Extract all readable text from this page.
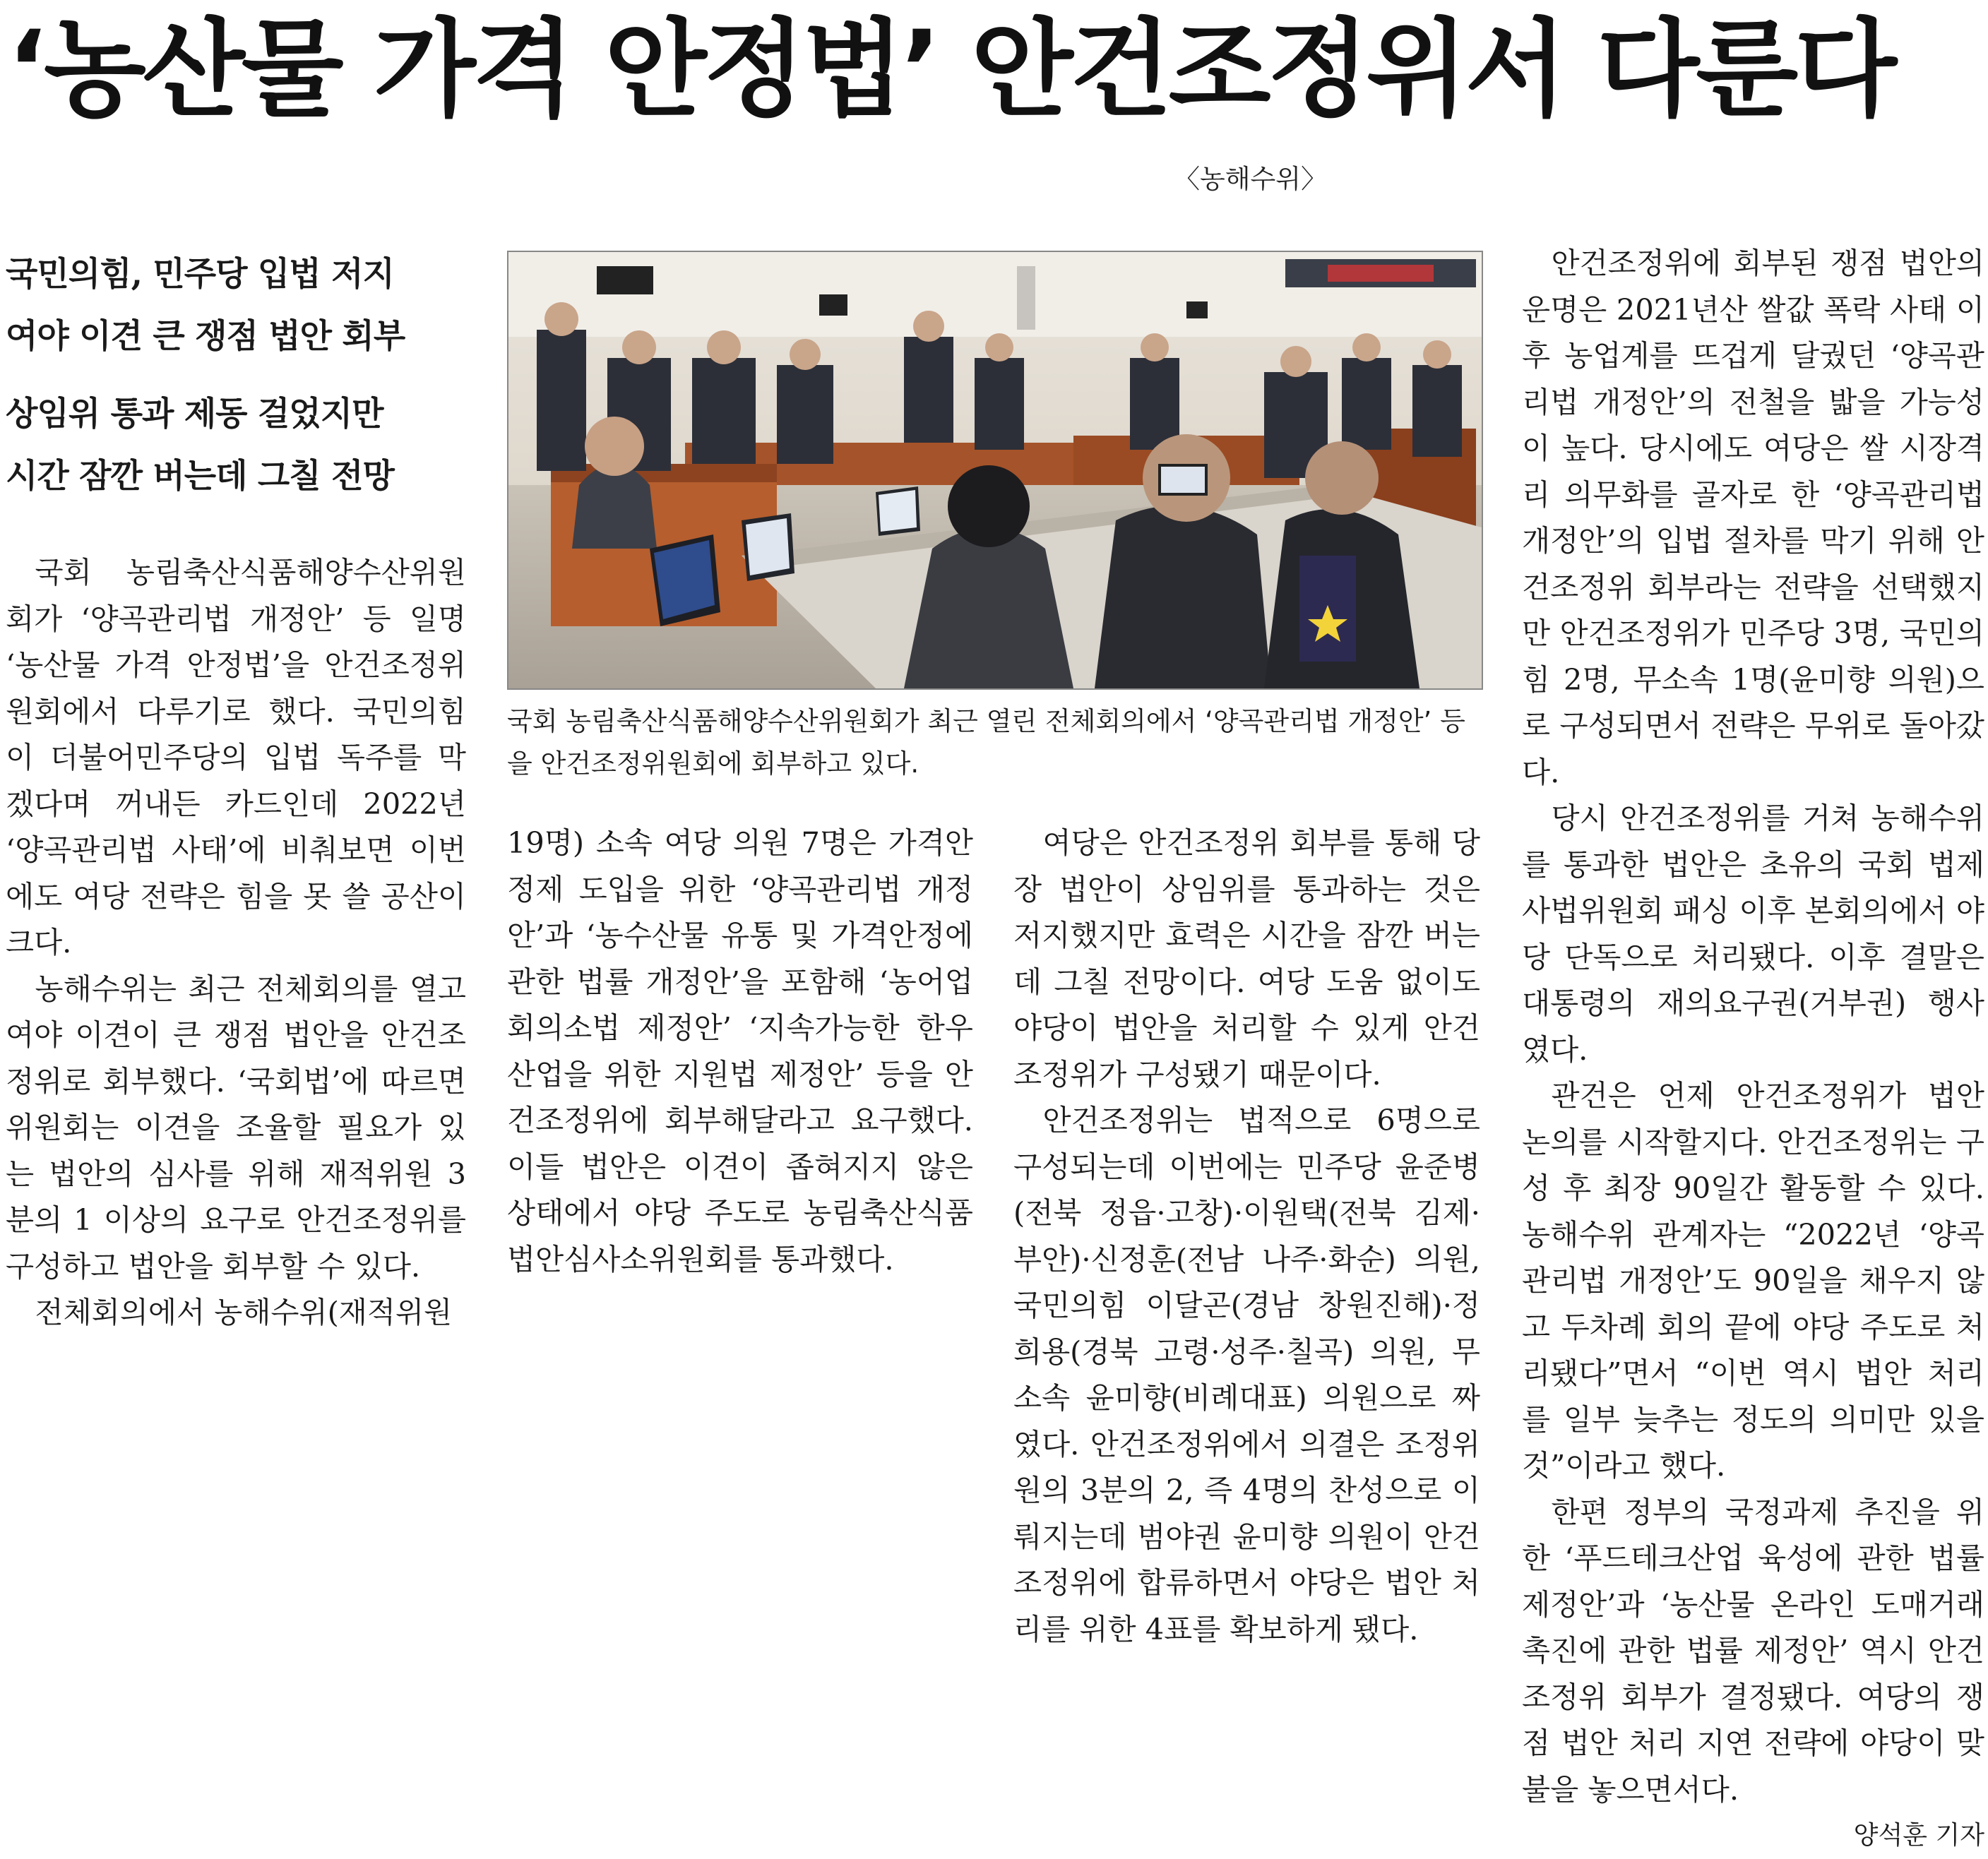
‘농산물 가격 안정법’ 안건조정위서 다룬다
〈농해수위〉
국민의힘, 민주당 입법 저지
여야 이견 큰 쟁점 법안 회부
상임위 통과 제동 걸었지만
시간 잠깐 버는데 그칠 전망

국회 농림축산식품해양수산위원회가 ‘양곡관리법 개정안’ 등 일명 ‘농산물 가격 안정법’을 안건조정위원회에서 다루기로 했다. 국민의힘이 더불어민주당의 입법 독주를 막겠다며 꺼내든 카드인데 2022년 ‘양곡관리법 사태’에 비춰보면 이번에도 여당 전략은 힘을 못 쓸 공산이 크다.

농해수위는 최근 전체회의를 열고 여야 이견이 큰 쟁점 법안을 안건조정위로 회부했다. ‘국회법’에 따르면 위원회는 이견을 조율할 필요가 있는 법안의 심사를 위해 재적위원 3분의 1 이상의 요구로 안건조정위를 구성하고 법안을 회부할 수 있다.

전체회의에서 농해수위(재적위원

국회 농림축산식품해양수산위원회가 최근 열린 전체회의에서 ‘양곡관리법 개정안’ 등을 안건조정위원회에 회부하고 있다.

19명) 소속 여당 의원 7명은 가격안정제 도입을 위한 ‘양곡관리법 개정안’과 ‘농수산물 유통 및 가격안정에 관한 법률 개정안’을 포함해 ‘농어업회의소법 제정안’ ‘지속가능한 한우산업을 위한 지원법 제정안’ 등을 안건조정위에 회부해달라고 요구했다. 이들 법안은 이견이 좁혀지지 않은 상태에서 야당 주도로 농림축산식품법안심사소위원회를 통과했다.

여당은 안건조정위 회부를 통해 당장 법안이 상임위를 통과하는 것은 저지했지만 효력은 시간을 잠깐 버는 데 그칠 전망이다. 여당 도움 없이도 야당이 법안을 처리할 수 있게 안건조정위가 구성됐기 때문이다.

안건조정위는 법적으로 6명으로 구성되는데 이번에는 민주당 윤준병(전북 정읍·고창)·이원택(전북 김제·부안)·신정훈(전남 나주·화순) 의원, 국민의힘 이달곤(경남 창원진해)·정희용(경북 고령·성주·칠곡) 의원, 무소속 윤미향(비례대표) 의원으로 짜였다. 안건조정위에서 의결은 조정위원의 3분의 2, 즉 4명의 찬성으로 이뤄지는데 범야권 윤미향 의원이 안건조정위에 합류하면서 야당은 법안 처리를 위한 4표를 확보하게 됐다.

안건조정위에 회부된 쟁점 법안의 운명은 2021년산 쌀값 폭락 사태 이후 농업계를 뜨겁게 달궜던 ‘양곡관리법 개정안’의 전철을 밟을 가능성이 높다. 당시에도 여당은 쌀 시장격리 의무화를 골자로 한 ‘양곡관리법 개정안’의 입법 절차를 막기 위해 안건조정위 회부라는 전략을 선택했지만 안건조정위가 민주당 3명, 국민의힘 2명, 무소속 1명(윤미향 의원)으로 구성되면서 전략은 무위로 돌아갔다.

당시 안건조정위를 거쳐 농해수위를 통과한 법안은 초유의 국회 법제사법위원회 패싱 이후 본회의에서 야당 단독으로 처리됐다. 이후 결말은 대통령의 재의요구권(거부권) 행사였다.

관건은 언제 안건조정위가 법안 논의를 시작할지다. 안건조정위는 구성 후 최장 90일간 활동할 수 있다. 농해수위 관계자는 “2022년 ‘양곡관리법 개정안’도 90일을 채우지 않고 두차례 회의 끝에 야당 주도로 처리됐다”면서 “이번 역시 법안 처리를 일부 늦추는 정도의 의미만 있을 것”이라고 했다.

한편 정부의 국정과제 추진을 위한 ‘푸드테크산업 육성에 관한 법률 제정안’과 ‘농산물 온라인 도매거래 촉진에 관한 법률 제정안’ 역시 안건조정위 회부가 결정됐다. 여당의 쟁점 법안 처리 지연 전략에 야당이 맞불을 놓으면서다.

양석훈 기자
